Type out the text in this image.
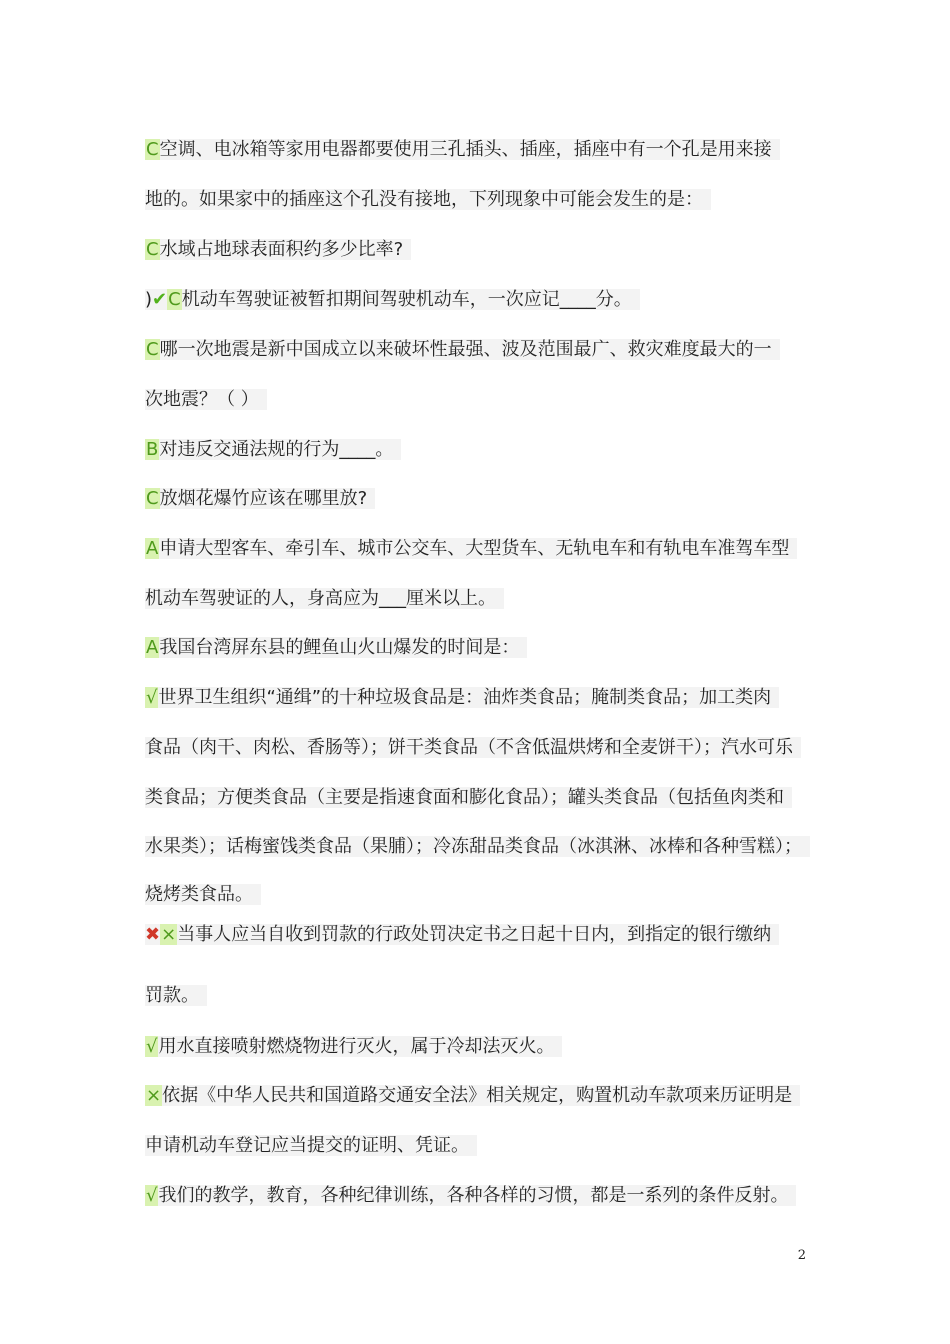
C空调、电冰箱等家用电器都要使用三孔插头、插座，插座中有一个孔是用来接
地的。如果家中的插座这个孔没有接地，下列现象中可能会发生的是：
C水域占地球表面积约多少比率?
)✔C机动车驾驶证被暂扣期间驾驶机动车，一次应记____分。
C哪一次地震是新中国成立以来破坏性最强、波及范围最广、救灾难度最大的一
次地震？（ ）
B对违反交通法规的行为____。
C放烟花爆竹应该在哪里放?
A申请大型客车、牵引车、城市公交车、大型货车、无轨电车和有轨电车准驾车型
机动车驾驶证的人，身高应为___厘米以上。
A我国台湾屏东县的鲤鱼山火山爆发的时间是：
√世界卫生组织“通缉”的十种垃圾食品是：油炸类食品；腌制类食品；加工类肉
食品（肉干、肉松、香肠等）；饼干类食品（不含低温烘烤和全麦饼干）；汽水可乐
类食品；方便类食品（主要是指速食面和膨化食品）；罐头类食品（包括鱼肉类和
水果类）；话梅蜜饯类食品（果脯）；冷冻甜品类食品（冰淇淋、冰棒和各种雪糕）；
烧烤类食品。
✖×当事人应当自收到罚款的行政处罚决定书之日起十日内，到指定的银行缴纳
罚款。
√用水直接喷射燃烧物进行灭火，属于冷却法灭火。
×依据《中华人民共和国道路交通安全法》相关规定，购置机动车款项来历证明是
申请机动车登记应当提交的证明、凭证。
√我们的教学，教育，各种纪律训练，各种各样的习惯，都是一系列的条件反射。
2
